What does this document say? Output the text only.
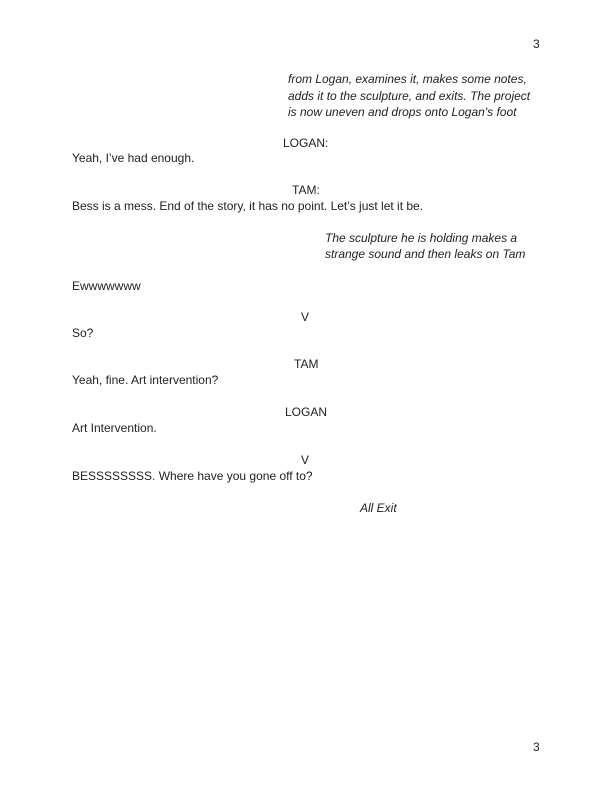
3
from Logan, examines it, makes some notes,
adds it to the sculpture, and exits. The project
is now uneven and drops onto Logan's foot
LOGAN:
Yeah, I’ve had enough.
TAM:
Bess is a mess. End of the story, it has no point. Let’s just let it be.
The sculpture he is holding makes a
strange sound and then leaks on Tam
Ewwwwwww
V
So?
TAM
Yeah, fine. Art intervention?
LOGAN
Art Intervention.
V
BESSSSSSSS. Where have you gone off to?
All Exit
3
